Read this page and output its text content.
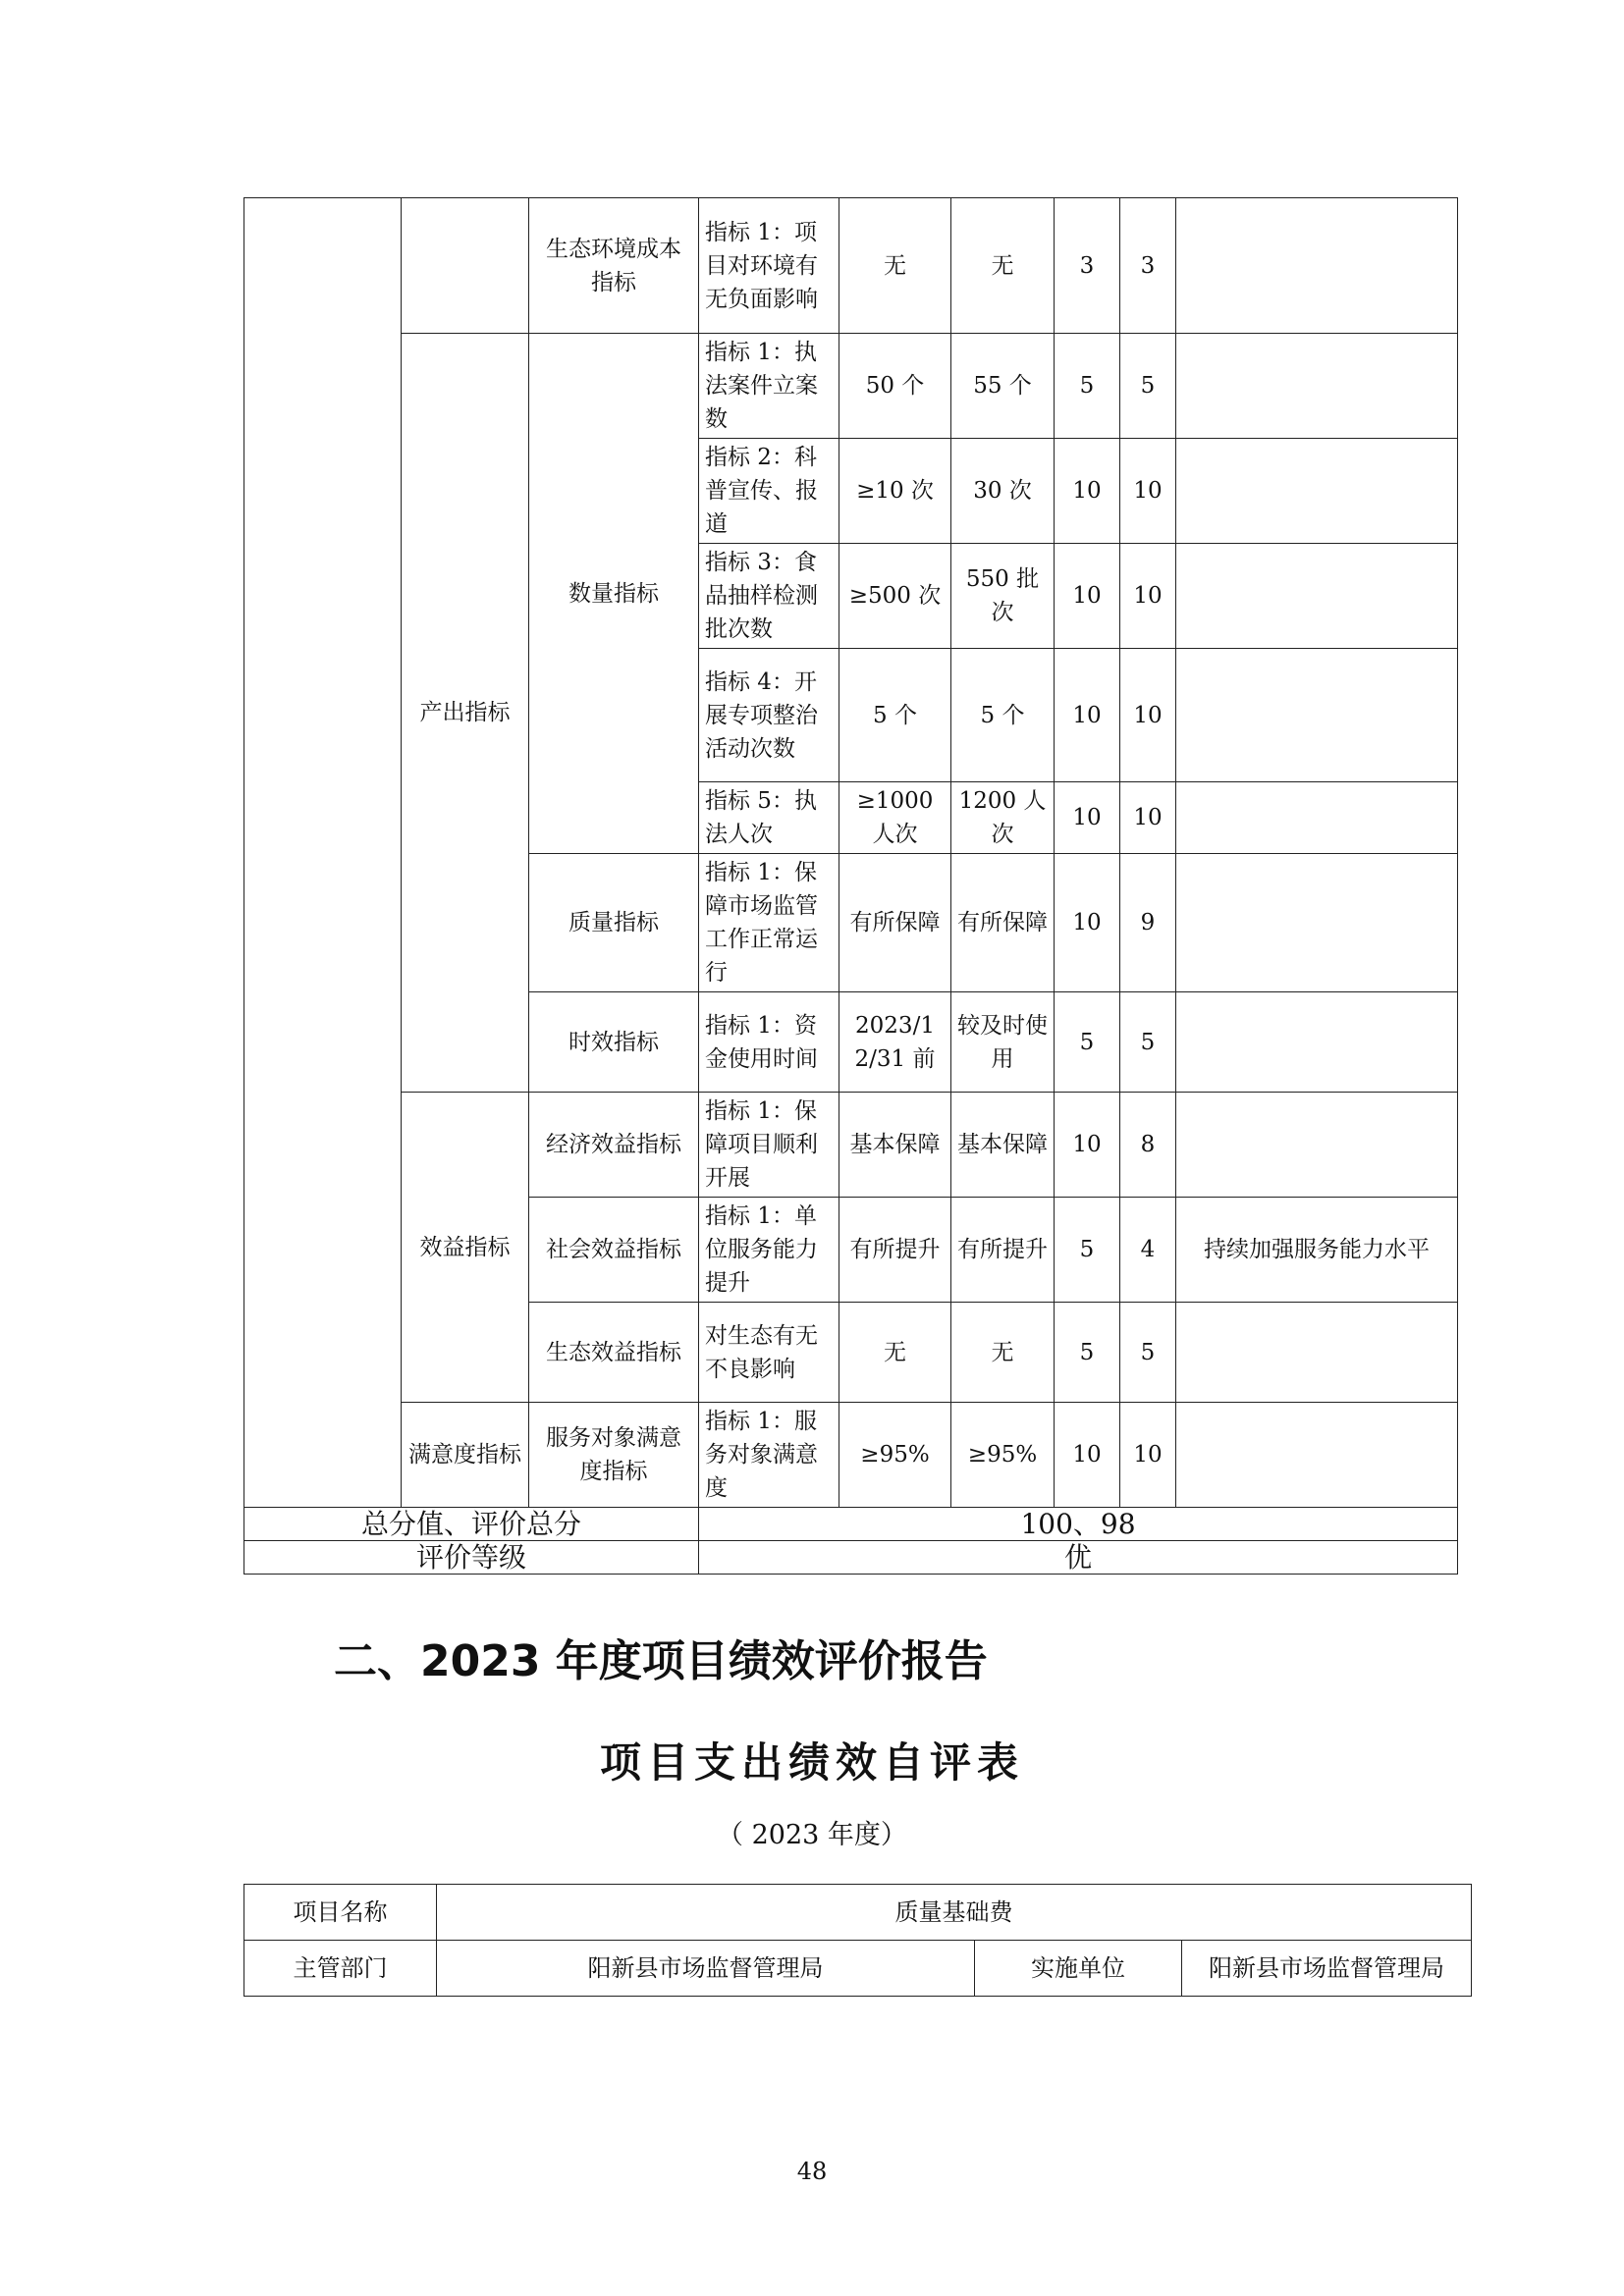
		生态环境成本指标	指标 1：项目对环境有无负面影响	无	无	3	3	
	产出指标	数量指标	指标 1：执法案件立案数	50 个	55 个	5	5	
			指标 2：科普宣传、报道	≥10 次	30 次	10	10	
			指标 3：食品抽样检测批次数	≥500 次	550 批次	10	10	
			指标 4：开展专项整治活动次数	5 个	5 个	10	10	
			指标 5：执法人次	≥1000 人次	1200 人次	10	10	
		质量指标	指标 1：保障市场监管工作正常运行	有所保障	有所保障	10	9	
		时效指标	指标 1：资金使用时间	2023/12/31 前	较及时使用	5	5	
	效益指标	经济效益指标	指标 1：保障项目顺利开展	基本保障	基本保障	10	8	
		社会效益指标	指标 1：单位服务能力提升	有所提升	有所提升	5	4	持续加强服务能力水平
		生态效益指标	对生态有无不良影响	无	无	5	5	
	满意度指标	服务对象满意度指标	指标 1：服务对象满意度	≥95%	≥95%	10	10	
总分值、评价总分			100、98					
评价等级			优					
二、2023 年度项目绩效评价报告
项目支出绩效自评表
（ 2023 年度）
项目名称	质量基础费		
主管部门	阳新县市场监督管理局	实施单位	阳新县市场监督管理局
48
